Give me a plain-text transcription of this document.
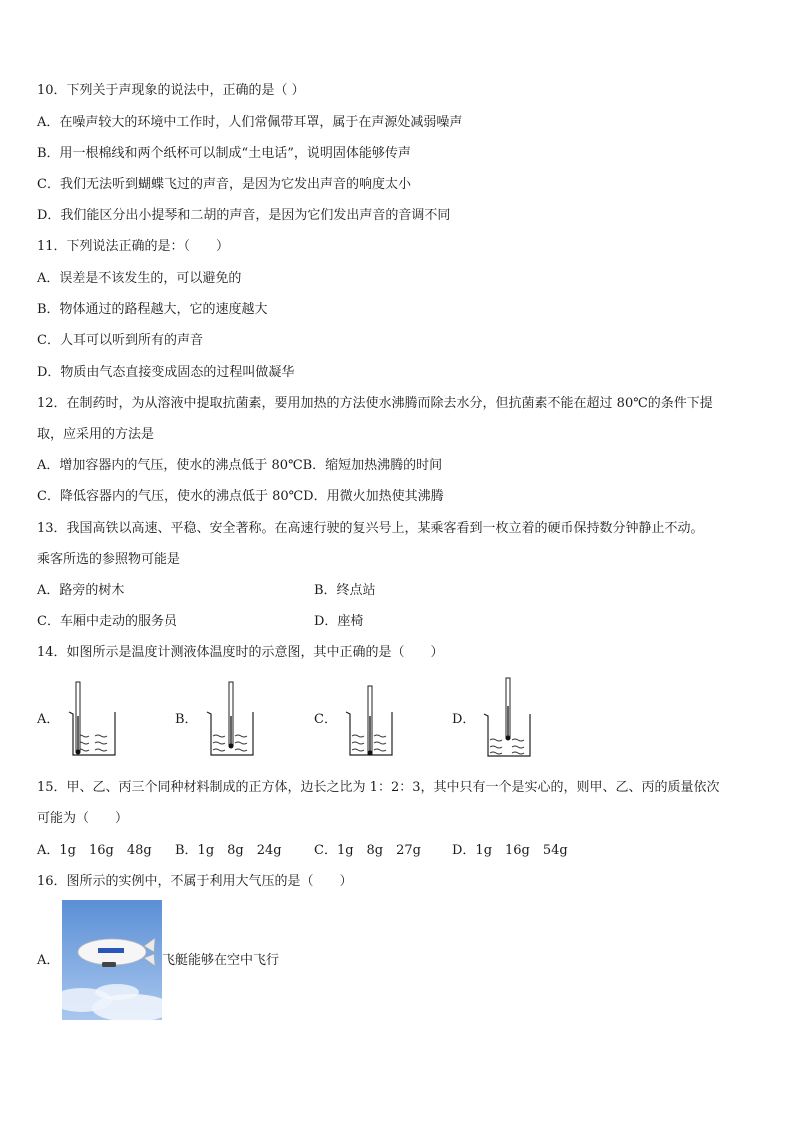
10．下列关于声现象的说法中，正确的是（ ）
A．在噪声较大的环境中工作时，人们常佩带耳罩，属于在声源处减弱噪声
B．用一根棉线和两个纸杯可以制成“土电话”，说明固体能够传声
C．我们无法听到蝴蝶飞过的声音，是因为它发出声音的响度太小
D．我们能区分出小提琴和二胡的声音，是因为它们发出声音的音调不同
11．下列说法正确的是：（　　）
A．误差是不该发生的，可以避免的
B．物体通过的路程越大，它的速度越大
C．人耳可以听到所有的声音
D．物质由气态直接变成固态的过程叫做凝华
12．在制药时，为从溶液中提取抗菌素，要用加热的方法使水沸腾而除去水分，但抗菌素不能在超过 80℃的条件下提
取，应采用的方法是
A．增加容器内的气压，使水的沸点低于 80℃B．缩短加热沸腾的时间
C．降低容器内的气压，使水的沸点低于 80℃D．用微火加热使其沸腾
13．我国高铁以高速、平稳、安全著称。在高速行驶的复兴号上，某乘客看到一枚立着的硬币保持数分钟静止不动。
乘客所选的参照物可能是
A．路旁的树木	B．终点站
C．车厢中走动的服务员	D．座椅
14．如图所示是温度计测液体温度时的示意图，其中正确的是（　　）
A．	B．	C．	D．
15．甲、乙、丙三个同种材料制成的正方体，边长之比为 1：2：3，其中只有一个是实心的，则甲、乙、丙的质量依次
可能为（　　）
A．1g　16g　48g B．1g　8g　24g C．1g　8g　27g D．1g　16g　54g
16．图所示的实例中，不属于利用大气压的是（　　）
A．	飞艇能够在空中飞行
